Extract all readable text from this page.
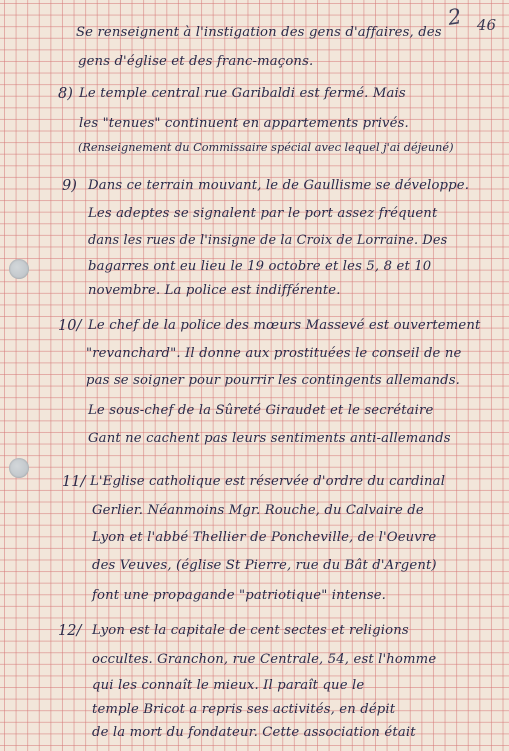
2 46
Se renseignent à l'instigation des gens d'affaires, des
gens d'église et des franc-maçons.
8) Le temple central rue Garibaldi est fermé. Mais
les "tenues" continuent en appartements privés.
(Renseignement du Commissaire spécial avec lequel j'ai déjeuné)
9) Dans ce terrain mouvant, le de Gaullisme se développe.
Les adeptes se signalent par le port assez fréquent
dans les rues de l'insigne de la Croix de Lorraine. Des
bagarres ont eu lieu le 19 octobre et les 5, 8 et 10
novembre. La police est indifférente.
10/ Le chef de la police des mœurs Massevé est ouvertement
"revanchard". Il donne aux prostituées le conseil de ne
pas se soigner pour pourrir les contingents allemands.
Le sous-chef de la Sûreté Giraudet et le secrétaire
Gant ne cachent pas leurs sentiments anti-allemands
11/ L'Eglise catholique est réservée d'ordre du cardinal
Gerlier. Néanmoins Mgr. Rouche, du Calvaire de
Lyon et l'abbé Thellier de Poncheville, de l'Oeuvre
des Veuves, (église St Pierre, rue du Bât d'Argent)
font une propagande "patriotique" intense.
12/ Lyon est la capitale de cent sectes et religions
occultes. Granchon, rue Centrale, 54, est l'homme
qui les connaît le mieux. Il paraît que le
temple Bricot a repris ses activités, en dépit
de la mort du fondateur. Cette association était
